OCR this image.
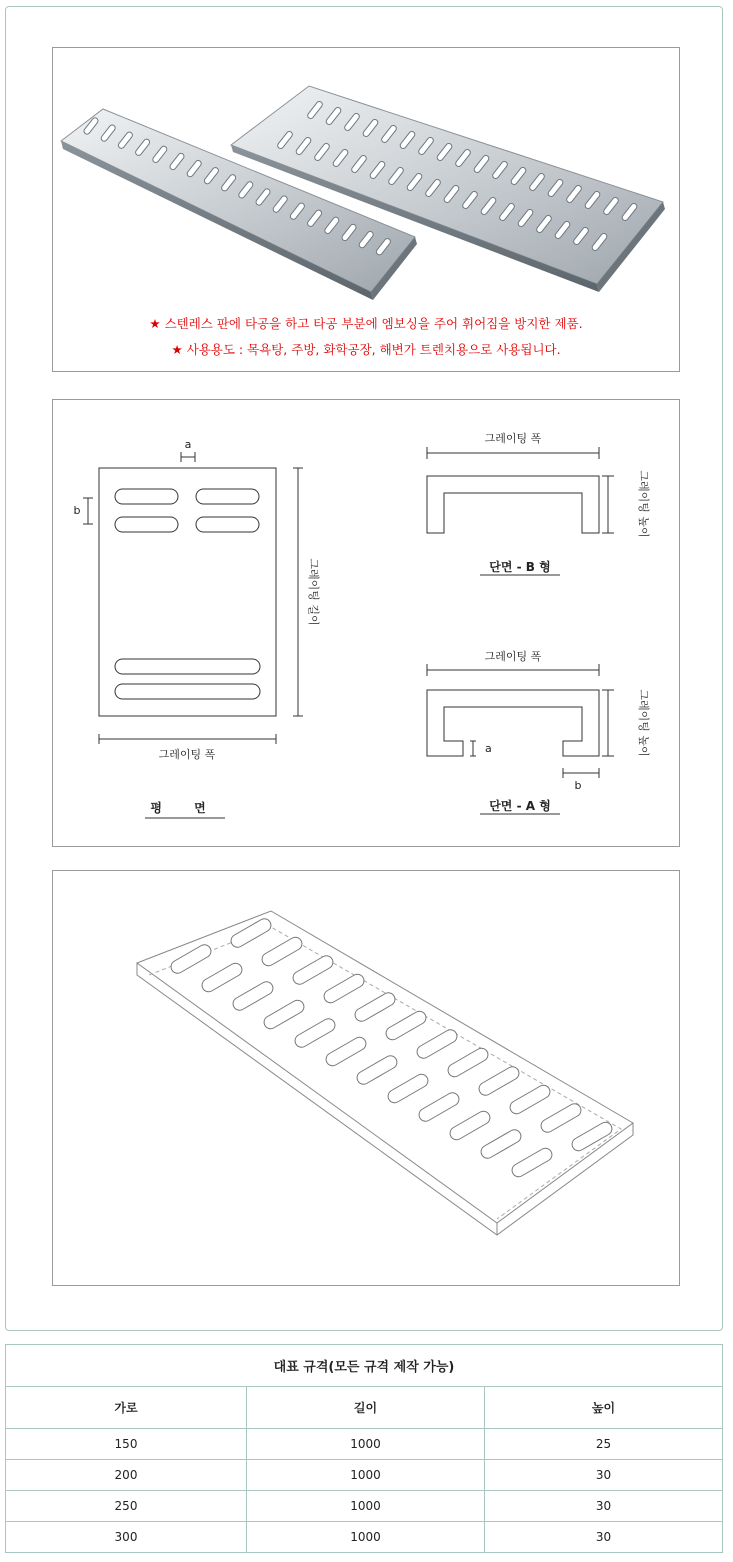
★ 스텐레스 판에 타공을 하고 타공 부분에 엠보싱을 주어 휘어짐을 방지한 제품.
★ 사용용도 : 목욕탕, 주방, 화학공장, 해변가 트렌치용으로 사용됩니다.
a
b
그레이팅 폭
그레이팅 길이
평 면
그레이팅 폭
그레이팅 높이
단면 - B 형
그레이팅 폭
그레이팅 높이
a
b
단면 - A 형
대표 규격(모든 규격 제작 가능)		
가로	길이	높이
150	1000	25
200	1000	30
250	1000	30
300	1000	30
